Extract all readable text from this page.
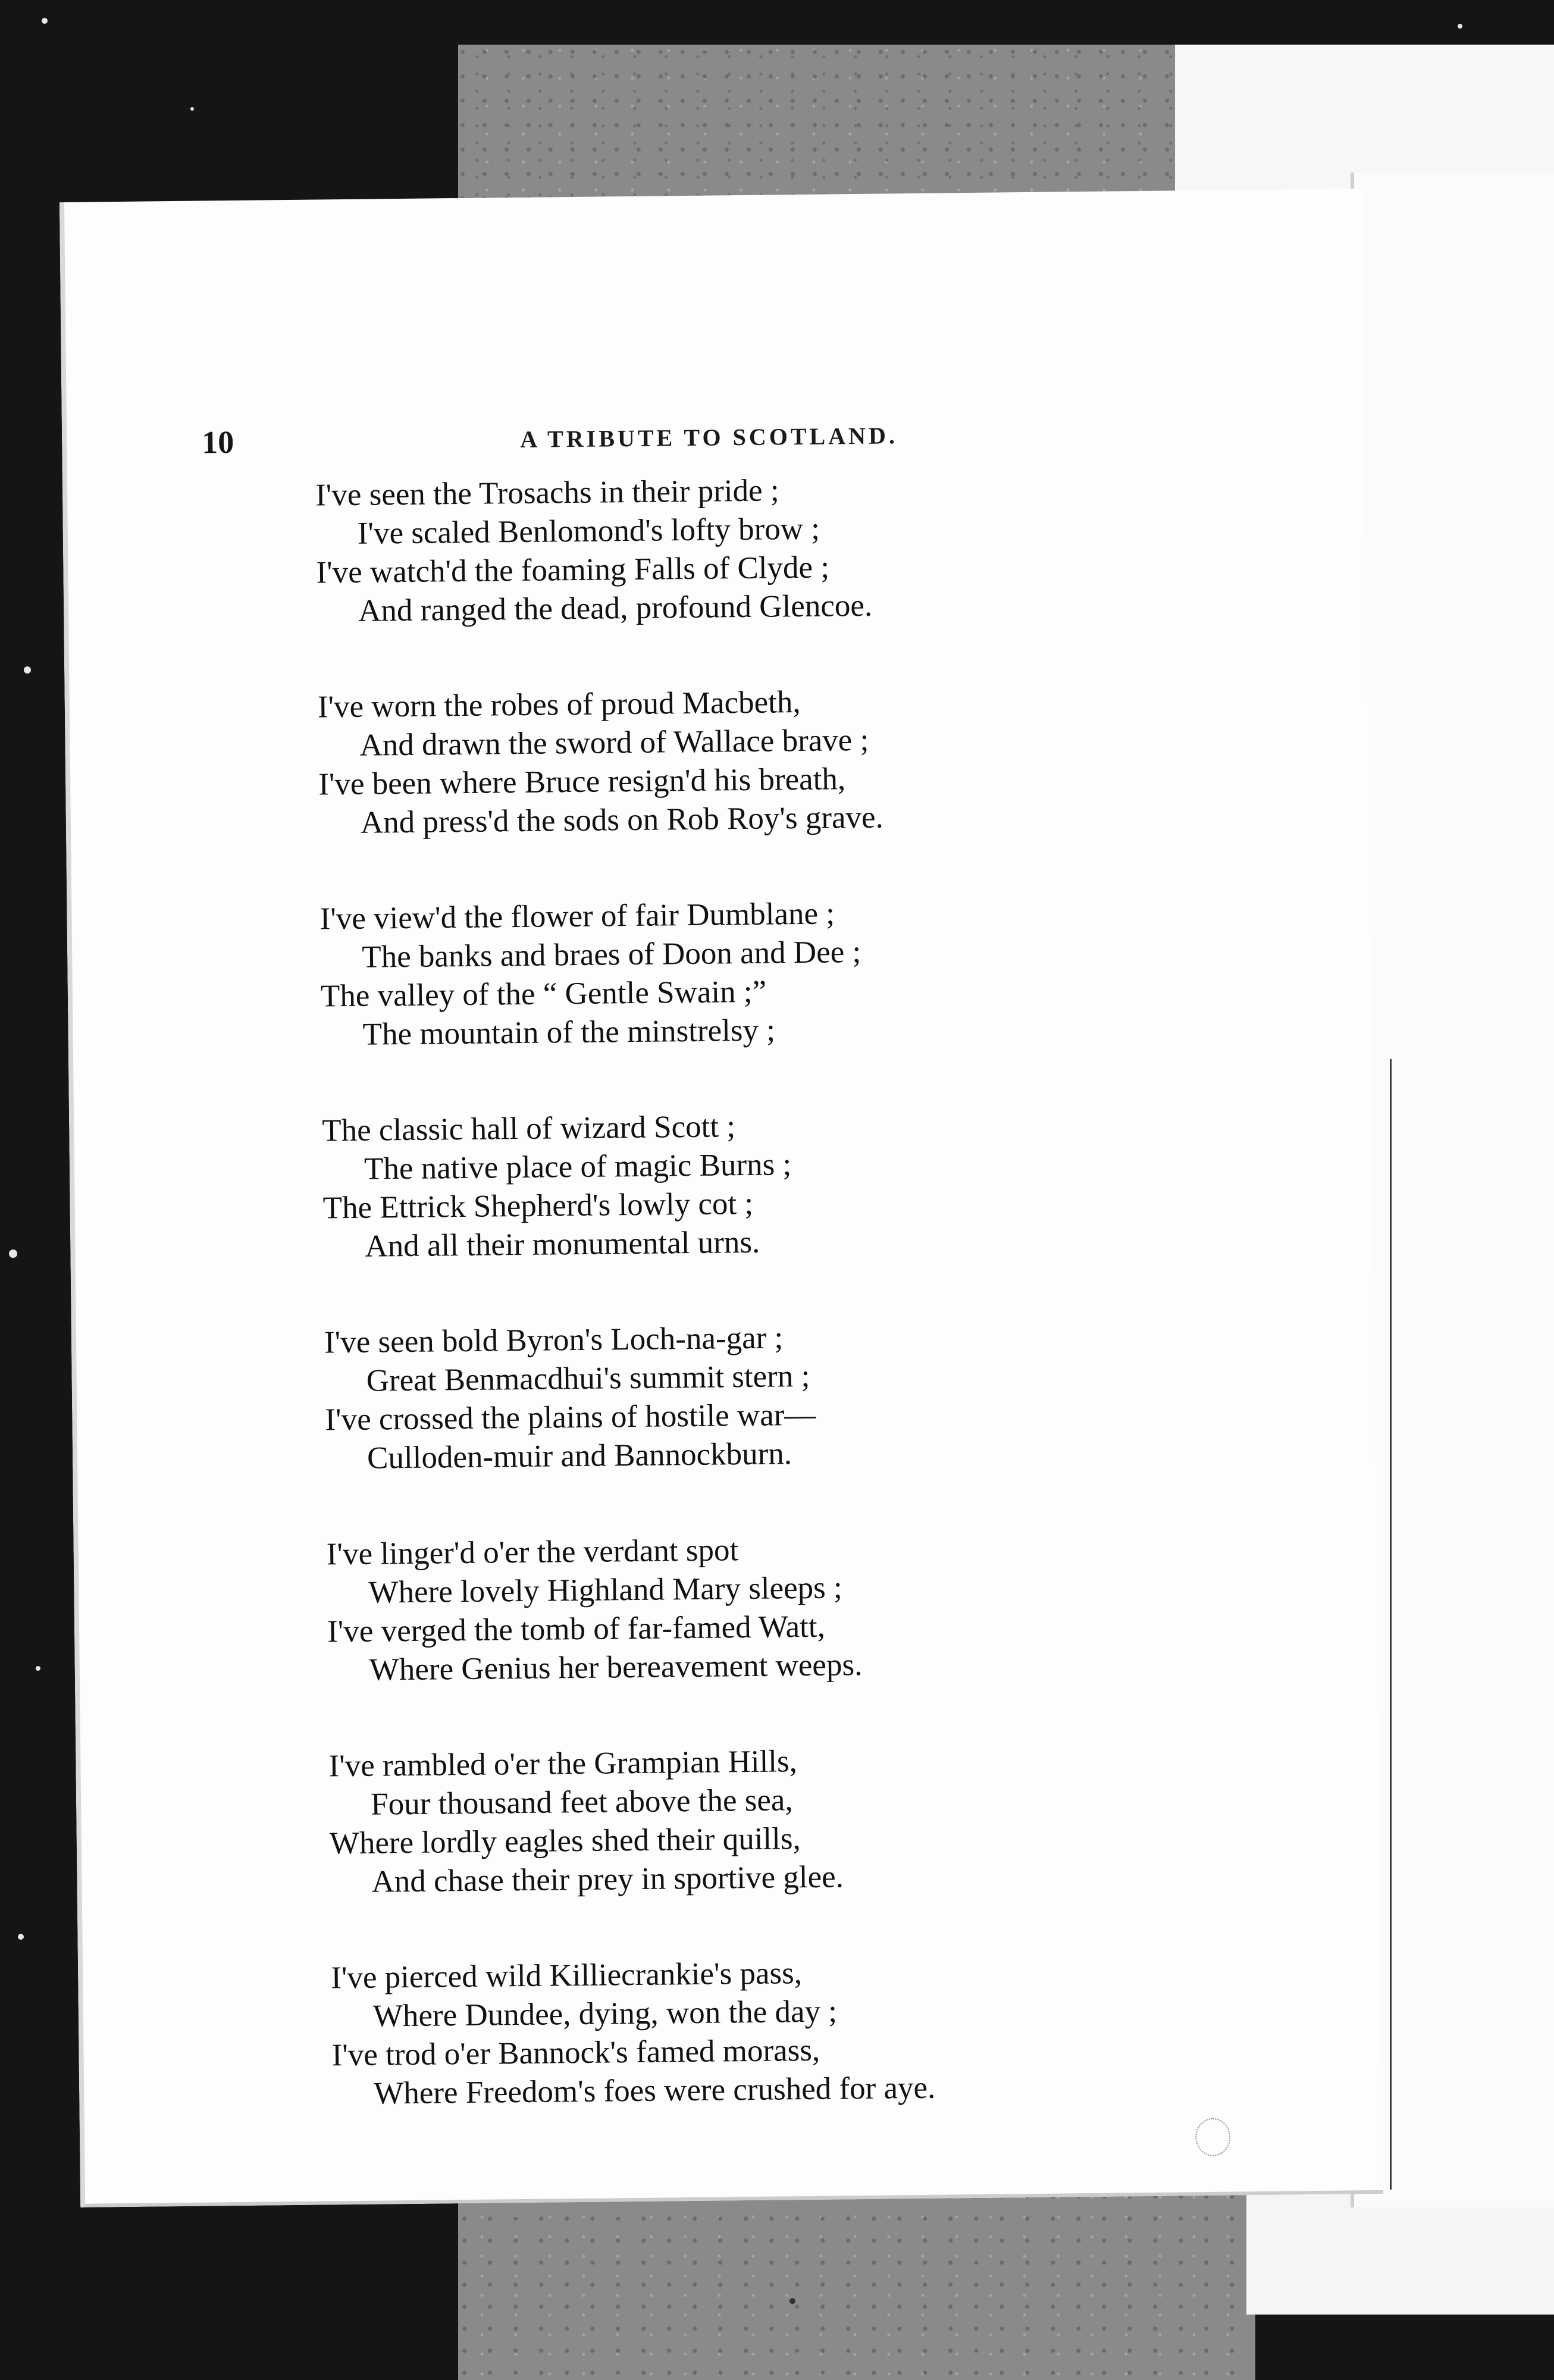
10	A TRIBUTE TO SCOTLAND.
I've seen the Trosachs in their pride ;
I've scaled Benlomond's lofty brow ;
I've watch'd the foaming Falls of Clyde ;
And ranged the dead, profound Glencoe.
I've worn the robes of proud Macbeth,
And drawn the sword of Wallace brave ;
I've been where Bruce resign'd his breath,
And press'd the sods on Rob Roy's grave.
I've view'd the flower of fair Dumblane ;
The banks and braes of Doon and Dee ;
The valley of the “ Gentle Swain ;”
The mountain of the minstrelsy ;
The classic hall of wizard Scott ;
The native place of magic Burns ;
The Ettrick Shepherd's lowly cot ;
And all their monumental urns.
I've seen bold Byron's Loch-na-gar ;
Great Benmacdhui's summit stern ;
I've crossed the plains of hostile war—
Culloden-muir and Bannockburn.
I've linger'd o'er the verdant spot
Where lovely Highland Mary sleeps ;
I've verged the tomb of far-famed Watt,
Where Genius her bereavement weeps.
I've rambled o'er the Grampian Hills,
Four thousand feet above the sea,
Where lordly eagles shed their quills,
And chase their prey in sportive glee.
I've pierced wild Killiecrankie's pass,
Where Dundee, dying, won the day ;
I've trod o'er Bannock's famed morass,
Where Freedom's foes were crushed for aye.
